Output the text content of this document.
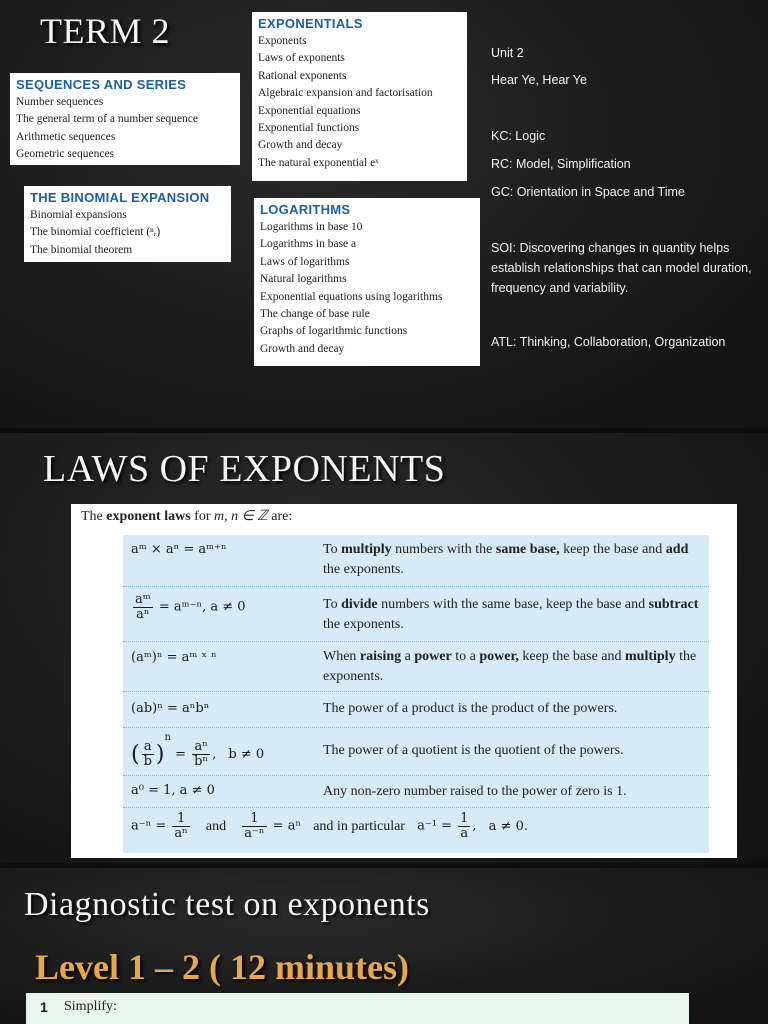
TERM 2
SEQUENCES AND SERIES
Number sequences
The general term of a number sequence
Arithmetic sequences
Geometric sequences
THE BINOMIAL EXPANSION
Binomial expansions
The binomial coefficient (ⁿᵣ)
The binomial theorem
EXPONENTIALS
Exponents
Laws of exponents
Rational exponents
Algebraic expansion and factorisation
Exponential equations
Exponential functions
Growth and decay
The natural exponential eˣ
LOGARITHMS
Logarithms in base 10
Logarithms in base a
Laws of logarithms
Natural logarithms
Exponential equations using logarithms
The change of base rule
Graphs of logarithmic functions
Growth and decay
Unit 2
Hear Ye, Hear Ye
KC: Logic
RC: Model, Simplification
GC: Orientation in Space and Time
SOI: Discovering changes in quantity helps establish relationships that can model duration, frequency and variability.
ATL: Thinking, Collaboration, Organization
LAWS OF EXPONENTS
The exponent laws for m, n ∈ ℤ are:
aᵐ × aⁿ = aᵐ⁺ⁿ	To multiply numbers with the same base, keep the base and add the exponents.
$\frac{\text{aᵐ}}{\text{aⁿ}}$ = aᵐ⁻ⁿ, a ≠ 0	To divide numbers with the same base, keep the base and subtract the exponents.
(aᵐ)ⁿ = aᵐ ˣ ⁿ	When raising a power to a power, keep the base and multiply the exponents.
(ab)ⁿ = aⁿbⁿ	The power of a product is the product of the powers.
( $\frac{a}{b} )^n = \frac{\text{aⁿ}}{\text{bⁿ}}$ , b ≠ 0	The power of a quotient is the quotient of the powers.
a⁰ = 1, a ≠ 0	Any non-zero number raised to the power of zero is 1.
$a^{-n} = \frac{1}{\text{aⁿ}}$ and $\frac{1}{\text{a⁻ⁿ}} = a^n$ and in particular $a^{-1} = \frac{1}{a}$ , a ≠ 0.
Diagnostic test on exponents
Level 1 – 2 ( 12 minutes)
1 Simplify:
